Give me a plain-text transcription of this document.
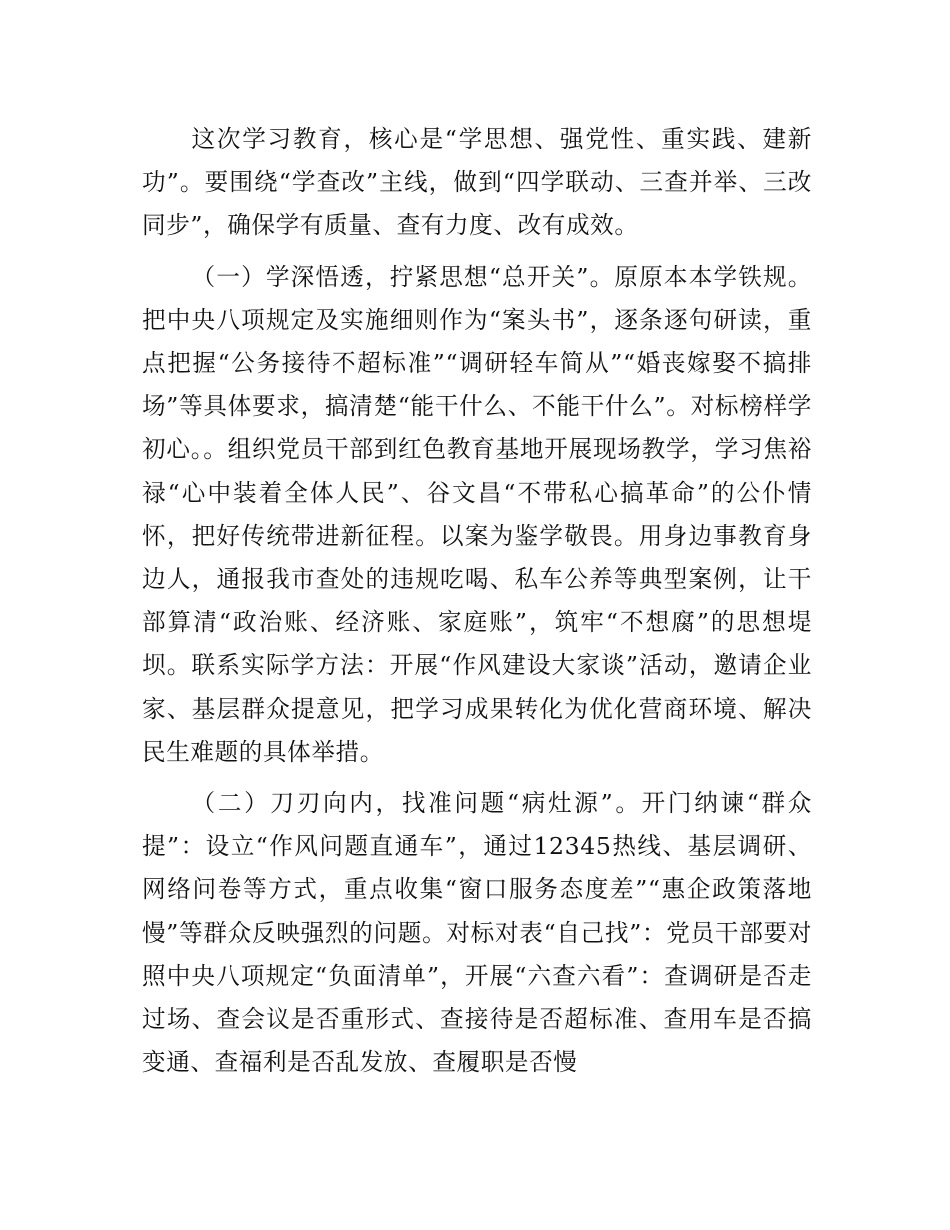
这次学习教育，核心是“学思想、强党性、重实践、建新功”。要围绕“学查改”主线，做到“四学联动、三查并举、三改同步”，确保学有质量、查有力度、改有成效。

（一）学深悟透，拧紧思想“总开关”。原原本本学铁规。把中央八项规定及实施细则作为“案头书”，逐条逐句研读，重点把握“公务接待不超标准”“调研轻车简从”“婚丧嫁娶不搞排场”等具体要求，搞清楚“能干什么、不能干什么”。对标榜样学初心。。组织党员干部到红色教育基地开展现场教学，学习焦裕禄“心中装着全体人民”、谷文昌“不带私心搞革命”的公仆情怀，把好传统带进新征程。以案为鉴学敬畏。用身边事教育身边人，通报我市查处的违规吃喝、私车公养等典型案例，让干部算清“政治账、经济账、家庭账”，筑牢“不想腐”的思想堤坝。联系实际学方法：开展“作风建设大家谈”活动，邀请企业家、基层群众提意见，把学习成果转化为优化营商环境、解决民生难题的具体举措。

（二）刀刃向内，找准问题“病灶源”。开门纳谏“群众提”：设立“作风问题直通车”，通过12345热线、基层调研、网络问卷等方式，重点收集“窗口服务态度差”“惠企政策落地慢”等群众反映强烈的问题。对标对表“自己找”：党员干部要对照中央八项规定“负面清单”，开展“六查六看”：查调研是否走过场、查会议是否重形式、查接待是否超标准、查用车是否搞变通、查福利是否乱发放、查履职是否慢
